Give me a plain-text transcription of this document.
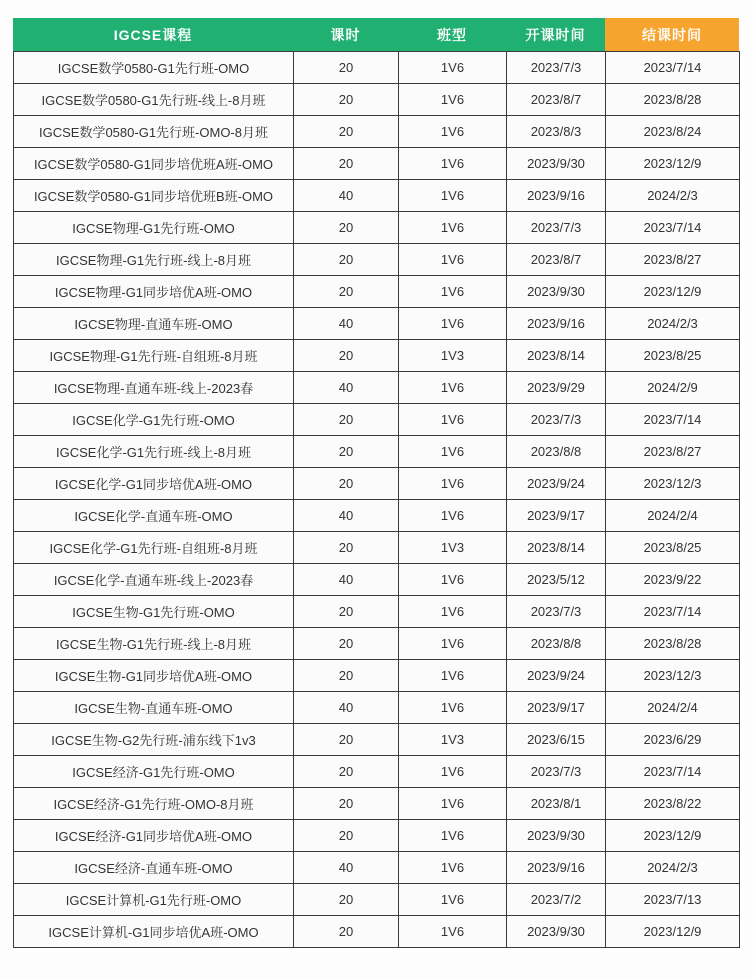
IGCSE课程	课时	班型	开课时间	结课时间
IGCSE数学0580-G1先行班-OMO	20	1V6	2023/7/3	2023/7/14
IGCSE数学0580-G1先行班-线上-8月班	20	1V6	2023/8/7	2023/8/28
IGCSE数学0580-G1先行班-OMO-8月班	20	1V6	2023/8/3	2023/8/24
IGCSE数学0580-G1同步培优班A班-OMO	20	1V6	2023/9/30	2023/12/9
IGCSE数学0580-G1同步培优班B班-OMO	40	1V6	2023/9/16	2024/2/3
IGCSE物理-G1先行班-OMO	20	1V6	2023/7/3	2023/7/14
IGCSE物理-G1先行班-线上-8月班	20	1V6	2023/8/7	2023/8/27
IGCSE物理-G1同步培优A班-OMO	20	1V6	2023/9/30	2023/12/9
IGCSE物理-直通车班-OMO	40	1V6	2023/9/16	2024/2/3
IGCSE物理-G1先行班-自组班-8月班	20	1V3	2023/8/14	2023/8/25
IGCSE物理-直通车班-线上-2023春	40	1V6	2023/9/29	2024/2/9
IGCSE化学-G1先行班-OMO	20	1V6	2023/7/3	2023/7/14
IGCSE化学-G1先行班-线上-8月班	20	1V6	2023/8/8	2023/8/27
IGCSE化学-G1同步培优A班-OMO	20	1V6	2023/9/24	2023/12/3
IGCSE化学-直通车班-OMO	40	1V6	2023/9/17	2024/2/4
IGCSE化学-G1先行班-自组班-8月班	20	1V3	2023/8/14	2023/8/25
IGCSE化学-直通车班-线上-2023春	40	1V6	2023/5/12	2023/9/22
IGCSE生物-G1先行班-OMO	20	1V6	2023/7/3	2023/7/14
IGCSE生物-G1先行班-线上-8月班	20	1V6	2023/8/8	2023/8/28
IGCSE生物-G1同步培优A班-OMO	20	1V6	2023/9/24	2023/12/3
IGCSE生物-直通车班-OMO	40	1V6	2023/9/17	2024/2/4
IGCSE生物-G2先行班-浦东线下1v3	20	1V3	2023/6/15	2023/6/29
IGCSE经济-G1先行班-OMO	20	1V6	2023/7/3	2023/7/14
IGCSE经济-G1先行班-OMO-8月班	20	1V6	2023/8/1	2023/8/22
IGCSE经济-G1同步培优A班-OMO	20	1V6	2023/9/30	2023/12/9
IGCSE经济-直通车班-OMO	40	1V6	2023/9/16	2024/2/3
IGCSE计算机-G1先行班-OMO	20	1V6	2023/7/2	2023/7/13
IGCSE计算机-G1同步培优A班-OMO	20	1V6	2023/9/30	2023/12/9
